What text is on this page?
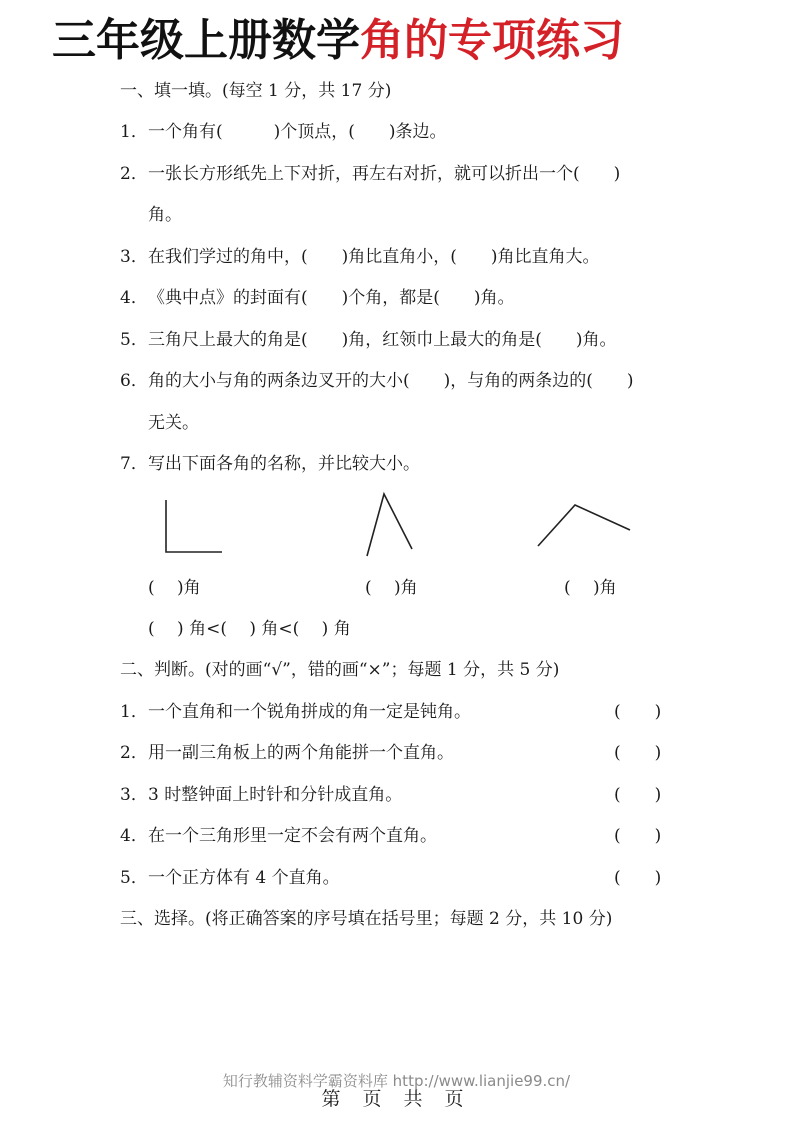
三年级上册数学角的专项练习
一、填一填。(每空 1 分，共 17 分)
1．一个角有(　　　)个顶点，(　　)条边。
2．一张长方形纸先上下对折，再左右对折，就可以折出一个(　　)
角。
3．在我们学过的角中，(　　)角比直角小，(　　)角比直角大。
4．《典中点》的封面有(　　)个角，都是(　　)角。
5．三角尺上最大的角是(　　)角，红领巾上最大的角是(　　)角。
6．角的大小与角的两条边叉开的大小(　　)，与角的两条边的(　　)
无关。
7．写出下面各角的名称，并比较大小。
(　 )角	(　 )角	(　 )角
(　 ) 角<(　 ) 角<(　 ) 角
二、判断。(对的画“√”，错的画“×”；每题 1 分，共 5 分)
1．一个直角和一个锐角拼成的角一定是钝角。	(　　)
2．用一副三角板上的两个角能拼一个直角。	(　　)
3．3 时整钟面上时针和分针成直角。	(　　)
4．在一个三角形里一定不会有两个直角。	(　　)
5．一个正方体有 4 个直角。	(　　)
三、选择。(将正确答案的序号填在括号里；每题 2 分，共 10 分)
知行教辅资料学霸资料库 http://www.lianjie99.cn/
第 页 共 页
